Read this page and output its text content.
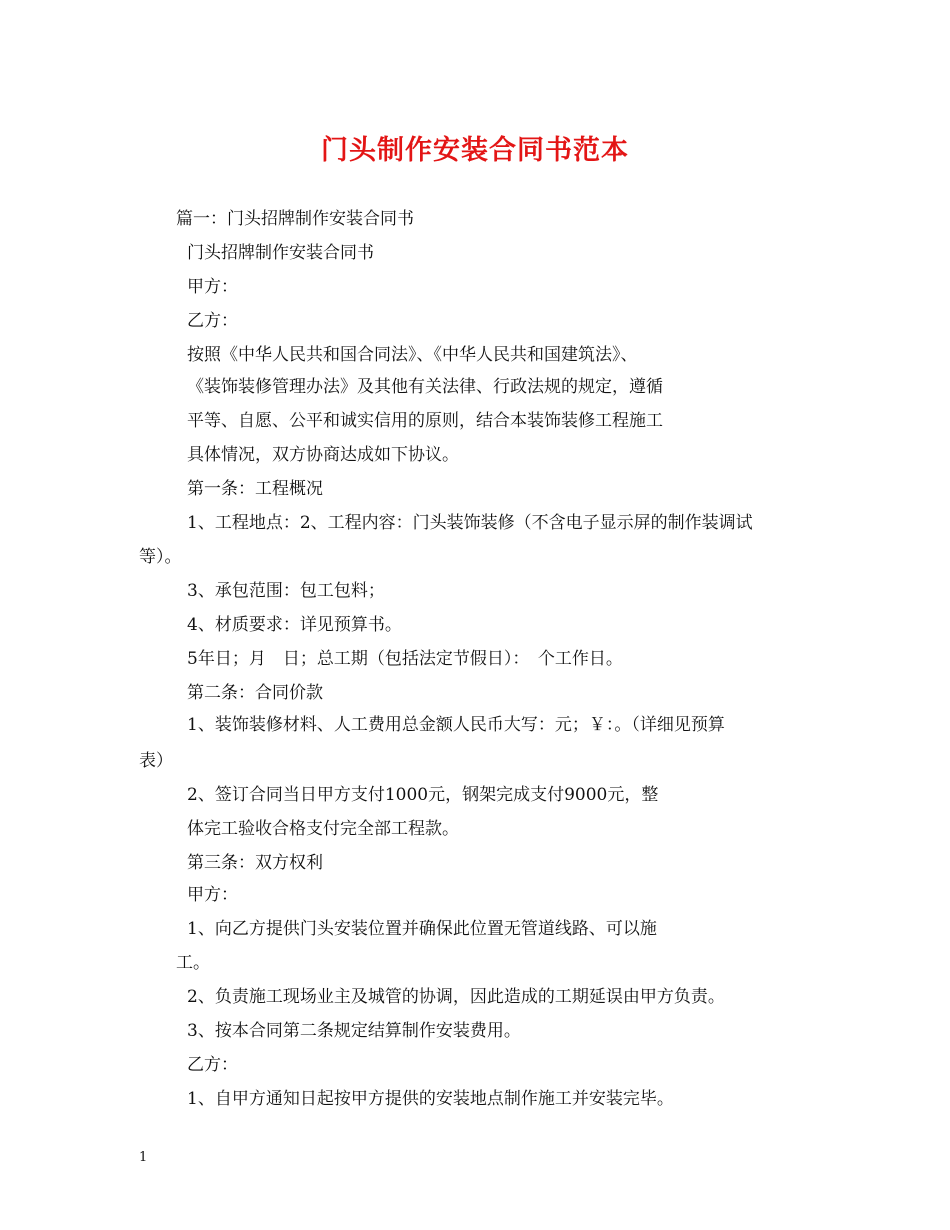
门头制作安装合同书范本
篇一：门头招牌制作安装合同书
门头招牌制作安装合同书
甲方：
乙方：
按照《中华人民共和国合同法》、《中华人民共和国建筑法》、
《装饰装修管理办法》及其他有关法律、行政法规的规定，遵循
平等、自愿、公平和诚实信用的原则，结合本装饰装修工程施工
具体情况，双方协商达成如下协议。
第一条：工程概况
1、工程地点：2、工程内容：门头装饰装修（不含电子显示屏的制作装调试
等）。
3、承包范围：包工包料；
4、材质要求：详见预算书。
5年日；月　日；总工期（包括法定节假日）：　个工作日。
第二条：合同价款
1、装饰装修材料、人工费用总金额人民币大写：元；￥：。（详细见预算
表）
2、签订合同当日甲方支付1000元，钢架完成支付9000元，整
体完工验收合格支付完全部工程款。
第三条：双方权利
甲方：
1、向乙方提供门头安装位置并确保此位置无管道线路、可以施
工。
2、负责施工现场业主及城管的协调，因此造成的工期延误由甲方负责。
3、按本合同第二条规定结算制作安装费用。
乙方：
1、自甲方通知日起按甲方提供的安装地点制作施工并安装完毕。
1
